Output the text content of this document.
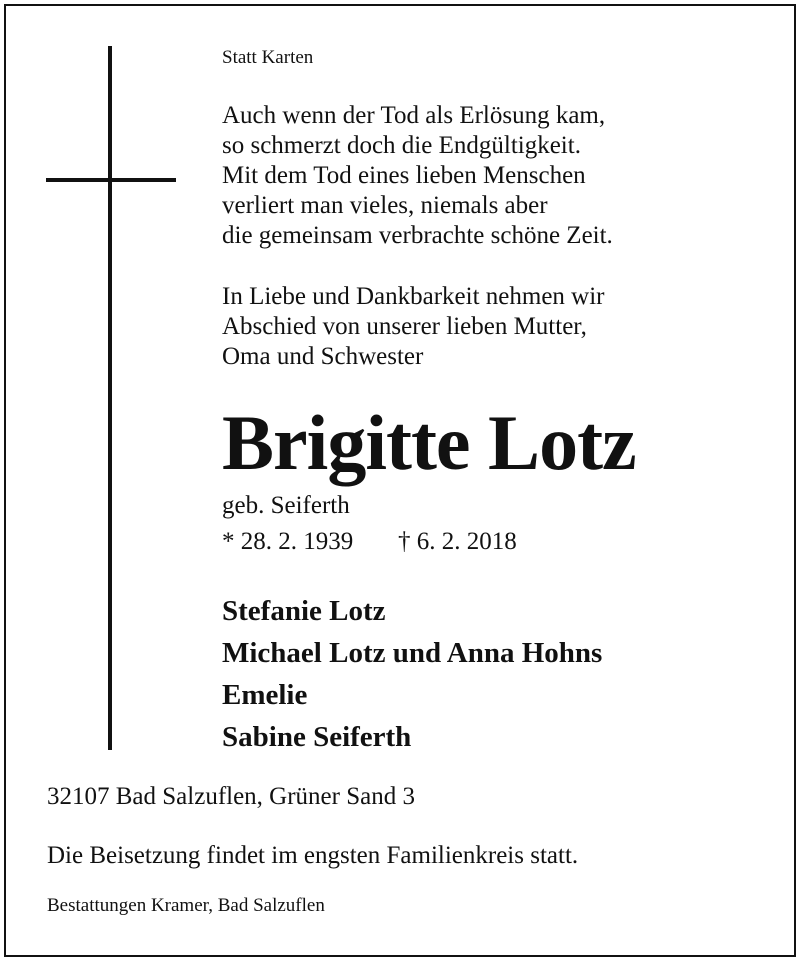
Statt Karten

Auch wenn der Tod als Erlösung kam,
so schmerzt doch die Endgültigkeit.
Mit dem Tod eines lieben Menschen
verliert man vieles, niemals aber
die gemeinsam verbrachte schöne Zeit.
In Liebe und Dankbarkeit nehmen wir
Abschied von unserer lieben Mutter,
Oma und Schwester
Brigitte Lotz

geb. Seiferth

* 28. 2. 1939 † 6. 2. 2018

Stefanie Lotz
Michael Lotz und Anna Hohns
Emelie
Sabine Seiferth

32107 Bad Salzuflen, Grüner Sand 3

Die Beisetzung findet im engsten Familienkreis statt.

Bestattungen Kramer, Bad Salzuflen
